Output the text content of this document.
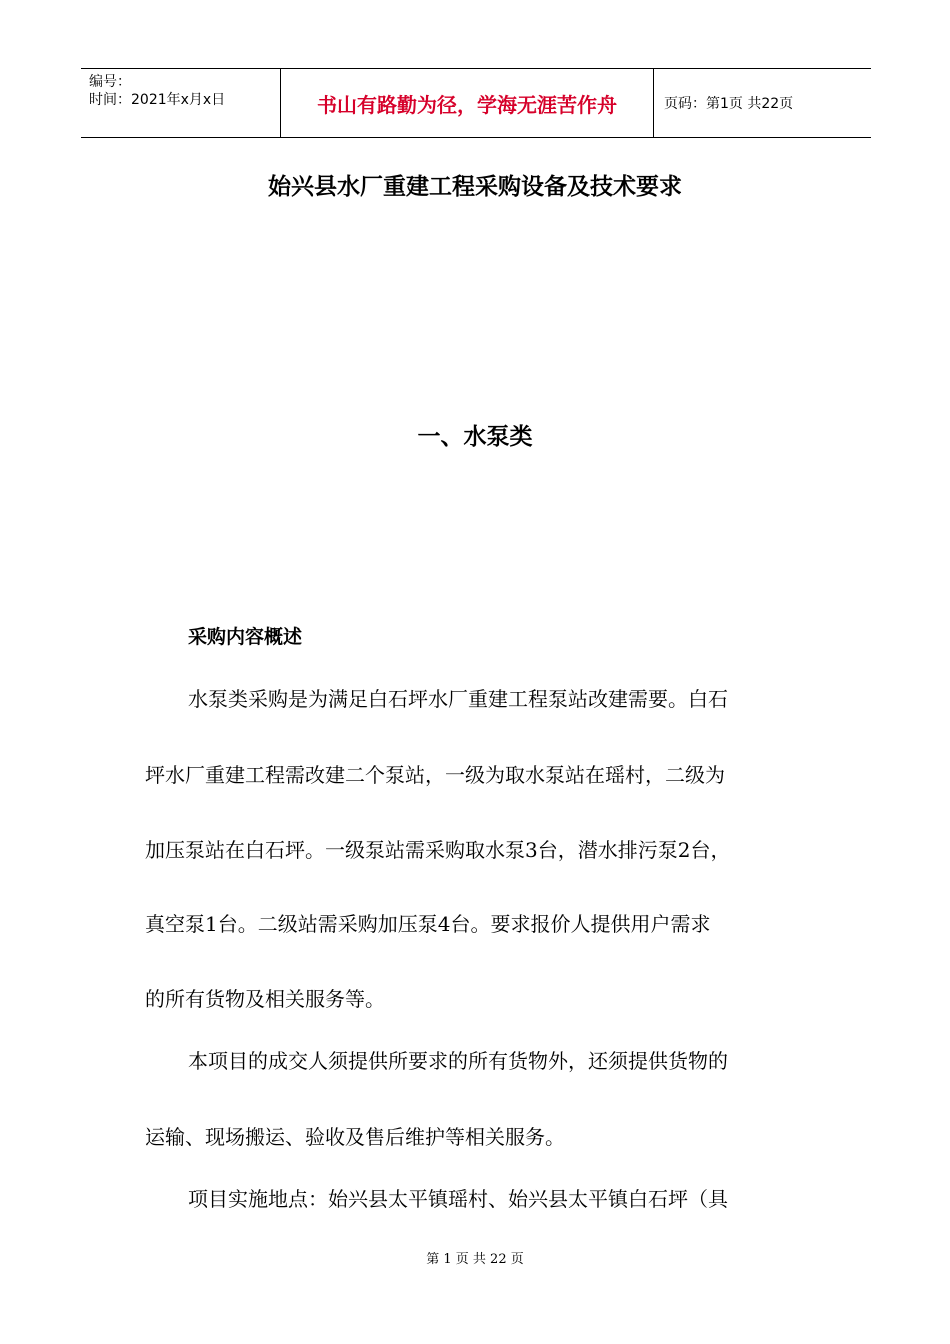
编号：
时间：2021年x月x日	书山有路勤为径，学海无涯苦作舟	页码：第1页 共22页
始兴县水厂重建工程采购设备及技术要求
一、水泵类
采购内容概述

水泵类采购是为满足白石坪水厂重建工程泵站改建需要。白石

坪水厂重建工程需改建二个泵站，一级为取水泵站在瑶村，二级为

加压泵站在白石坪。一级泵站需采购取水泵3台，潜水排污泵2台，

真空泵1台。二级站需采购加压泵4台。要求报价人提供用户需求

的所有货物及相关服务等。

本项目的成交人须提供所要求的所有货物外，还须提供货物的

运输、现场搬运、验收及售后维护等相关服务。

项目实施地点：始兴县太平镇瑶村、始兴县太平镇白石坪（具

第 1 页 共 22 页
